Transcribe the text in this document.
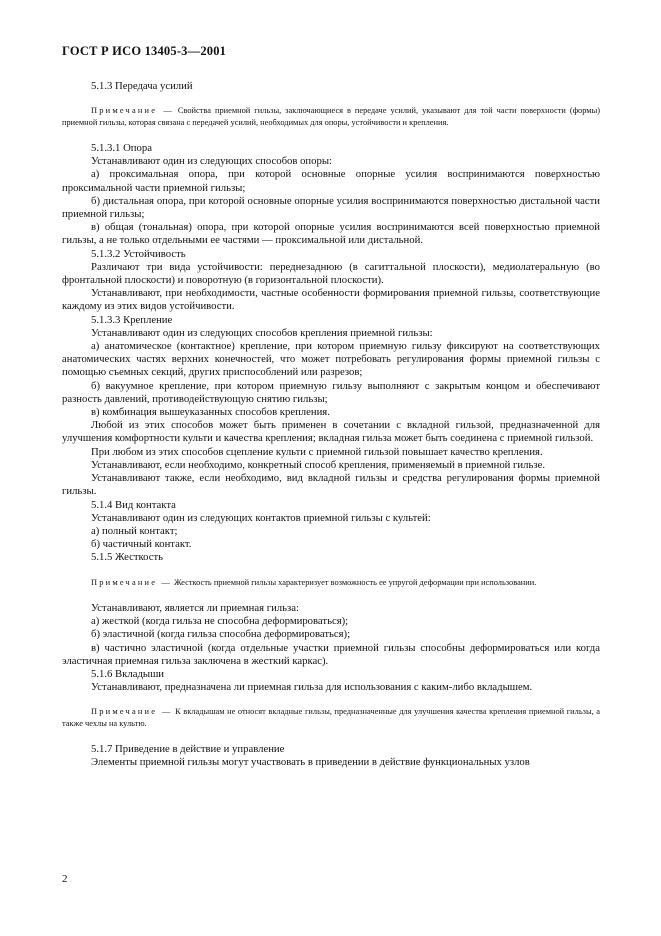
ГОСТ Р ИСО 13405-3—2001

5.1.3 Передача усилий

Примечание — Свойства приемной гильзы, заключающиеся в передаче усилий, указывают для той части поверхности (формы) приемной гильзы, которая связана с передачей усилий, необходимых для опоры, устойчивости и крепления.

5.1.3.1 Опора

Устанавливают один из следующих способов опоры:

а) проксимальная опора, при которой основные опорные усилия воспринимаются поверхностью проксимальной части приемной гильзы;

б) дистальная опора, при которой основные опорные усилия воспринимаются поверхностью дистальной части приемной гильзы;

в) общая (тональная) опора, при которой опорные усилия воспринимаются всей поверхностью приемной гильзы, а не только отдельными ее частями — проксимальной или дистальной.

5.1.3.2 Устойчивость

Различают три вида устойчивости: переднезаднюю (в сагиттальной плоскости), медиолатеральную (во фронтальной плоскости) и поворотную (в горизонтальной плоскости).

Устанавливают, при необходимости, частные особенности формирования приемной гильзы, соответствующие каждому из этих видов устойчивости.

5.1.3.3 Крепление

Устанавливают один из следующих способов крепления приемной гильзы:

а) анатомическое (контактное) крепление, при котором приемную гильзу фиксируют на соответствующих анатомических частях верхних конечностей, что может потребовать регулирования формы приемной гильзы с помощью съемных секций, других приспособлений или разрезов;

б) вакуумное крепление, при котором приемную гильзу выполняют с закрытым концом и обеспечивают разность давлений, противодействующую снятию гильзы;

в) комбинация вышеуказанных способов крепления.

Любой из этих способов может быть применен в сочетании с вкладной гильзой, предназначенной для улучшения комфортности культи и качества крепления; вкладная гильза может быть соединена с приемной гильзой.

При любом из этих способов сцепление культи с приемной гильзой повышает качество крепления.

Устанавливают, если необходимо, конкретный способ крепления, применяемый в приемной гильзе.

Устанавливают также, если необходимо, вид вкладной гильзы и средства регулирования формы приемной гильзы.

5.1.4 Вид контакта

Устанавливают один из следующих контактов приемной гильзы с культей:

а) полный контакт;

б) частичный контакт.

5.1.5 Жесткость

Примечание — Жесткость приемной гильзы характеризует возможность ее упругой деформации при использовании.

Устанавливают, является ли приемная гильза:

а) жесткой (когда гильза не способна деформироваться);

б) эластичной (когда гильза способна деформироваться);

в) частично эластичной (когда отдельные участки приемной гильзы способны деформироваться или когда эластичная приемная гильза заключена в жесткий каркас).

5.1.6 Вкладыши

Устанавливают, предназначена ли приемная гильза для использования с каким-либо вкладышем.

Примечание — К вкладышам не относят вкладные гильзы, предназначенные для улучшения качества крепления приемной гильзы, а также чехлы на культю.

5.1.7 Приведение в действие и управление

Элементы приемной гильзы могут участвовать в приведении в действие функциональных узлов

2
